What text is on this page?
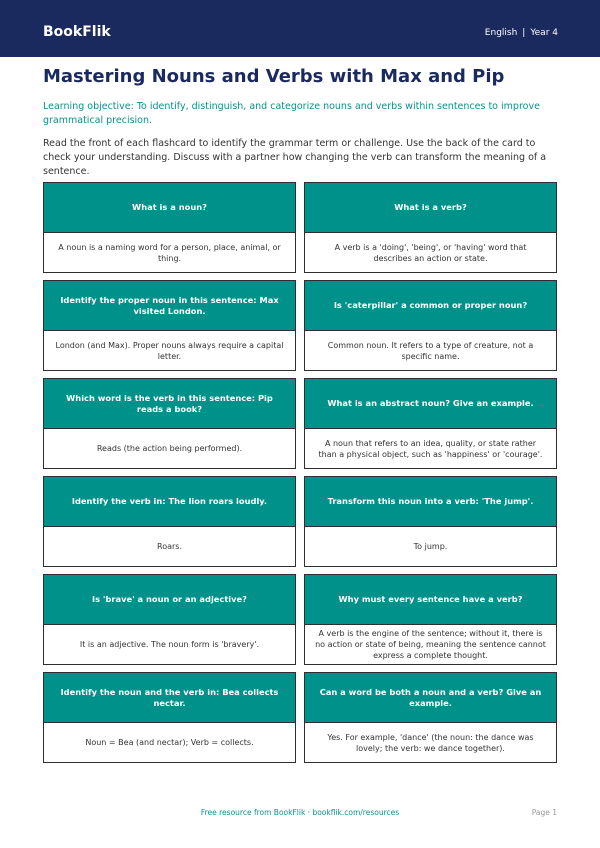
BookFlik	English | Year 4
Mastering Nouns and Verbs with Max and Pip
Learning objective: To identify, distinguish, and categorize nouns and verbs within sentences to improve grammatical precision.
Read the front of each flashcard to identify the grammar term or challenge. Use the back of the card to check your understanding. Discuss with a partner how changing the verb can transform the meaning of a sentence.
What is a noun?
A noun is a naming word for a person, place, animal, or thing.
What is a verb?
A verb is a 'doing', 'being', or 'having' word that describes an action or state.
Identify the proper noun in this sentence: Max visited London.
London (and Max). Proper nouns always require a capital letter.
Is 'caterpillar' a common or proper noun?
Common noun. It refers to a type of creature, not a specific name.
Which word is the verb in this sentence: Pip reads a book?
Reads (the action being performed).
What is an abstract noun? Give an example.
A noun that refers to an idea, quality, or state rather than a physical object, such as 'happiness' or 'courage'.
Identify the verb in: The lion roars loudly.
Roars.
Transform this noun into a verb: 'The jump'.
To jump.
Is 'brave' a noun or an adjective?
It is an adjective. The noun form is 'bravery'.
Why must every sentence have a verb?
A verb is the engine of the sentence; without it, there is no action or state of being, meaning the sentence cannot express a complete thought.
Identify the noun and the verb in: Bea collects nectar.
Noun = Bea (and nectar); Verb = collects.
Can a word be both a noun and a verb? Give an example.
Yes. For example, 'dance' (the noun: the dance was lovely; the verb: we dance together).
Free resource from BookFlik · bookflik.com/resources	Page 1
